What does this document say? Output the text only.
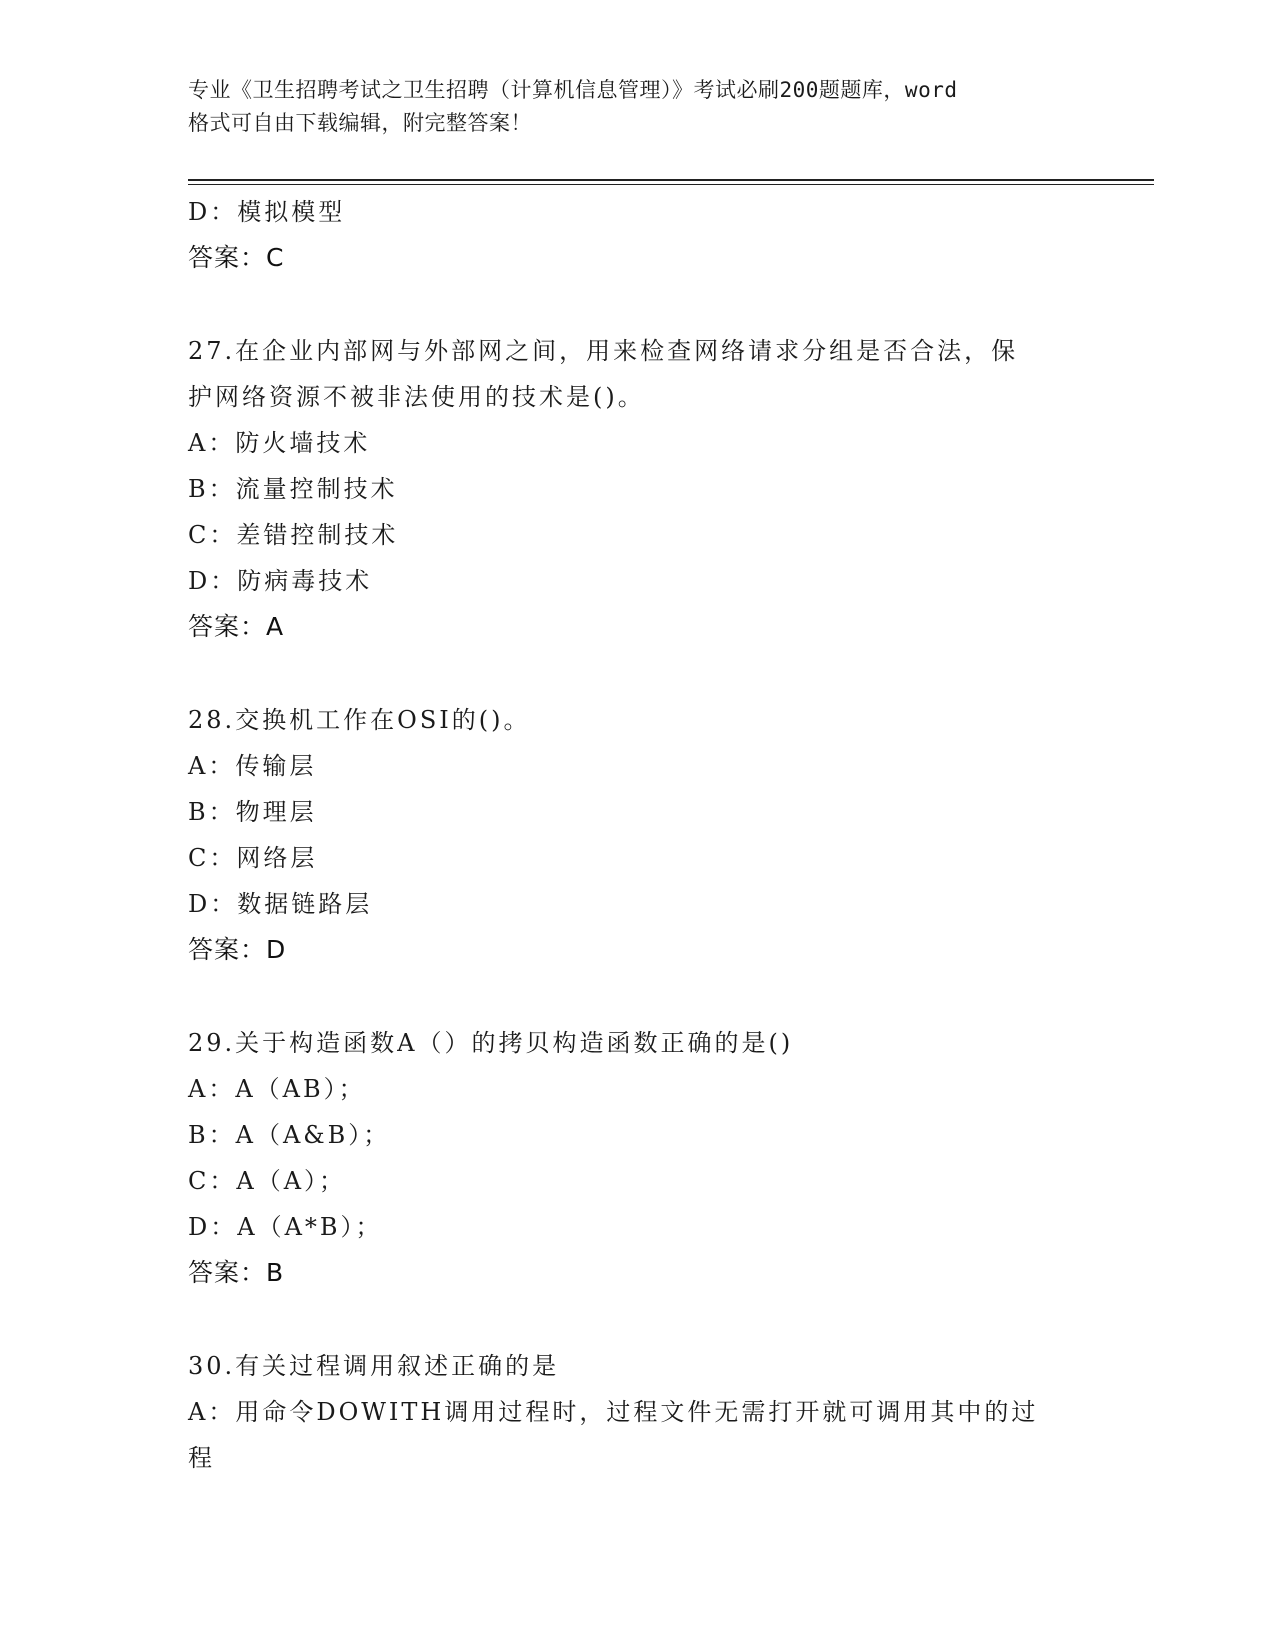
专业《卫生招聘考试之卫生招聘（计算机信息管理）》考试必刷200题题库，word
格式可自由下载编辑，附完整答案！
D：模拟模型
答案：C
27.在企业内部网与外部网之间，用来检查网络请求分组是否合法，保
护网络资源不被非法使用的技术是()。
A：防火墙技术
B：流量控制技术
C：差错控制技术
D：防病毒技术
答案：A
28.交换机工作在OSI的()。
A：传输层
B：物理层
C：网络层
D：数据链路层
答案：D
29.关于构造函数A（）的拷贝构造函数正确的是()
A：A（AB）；
B：A（A&B）；
C：A（A）；
D：A（A*B）；
答案：B
30.有关过程调用叙述正确的是
A：用命令DOWITH调用过程时，过程文件无需打开就可调用其中的过
程
